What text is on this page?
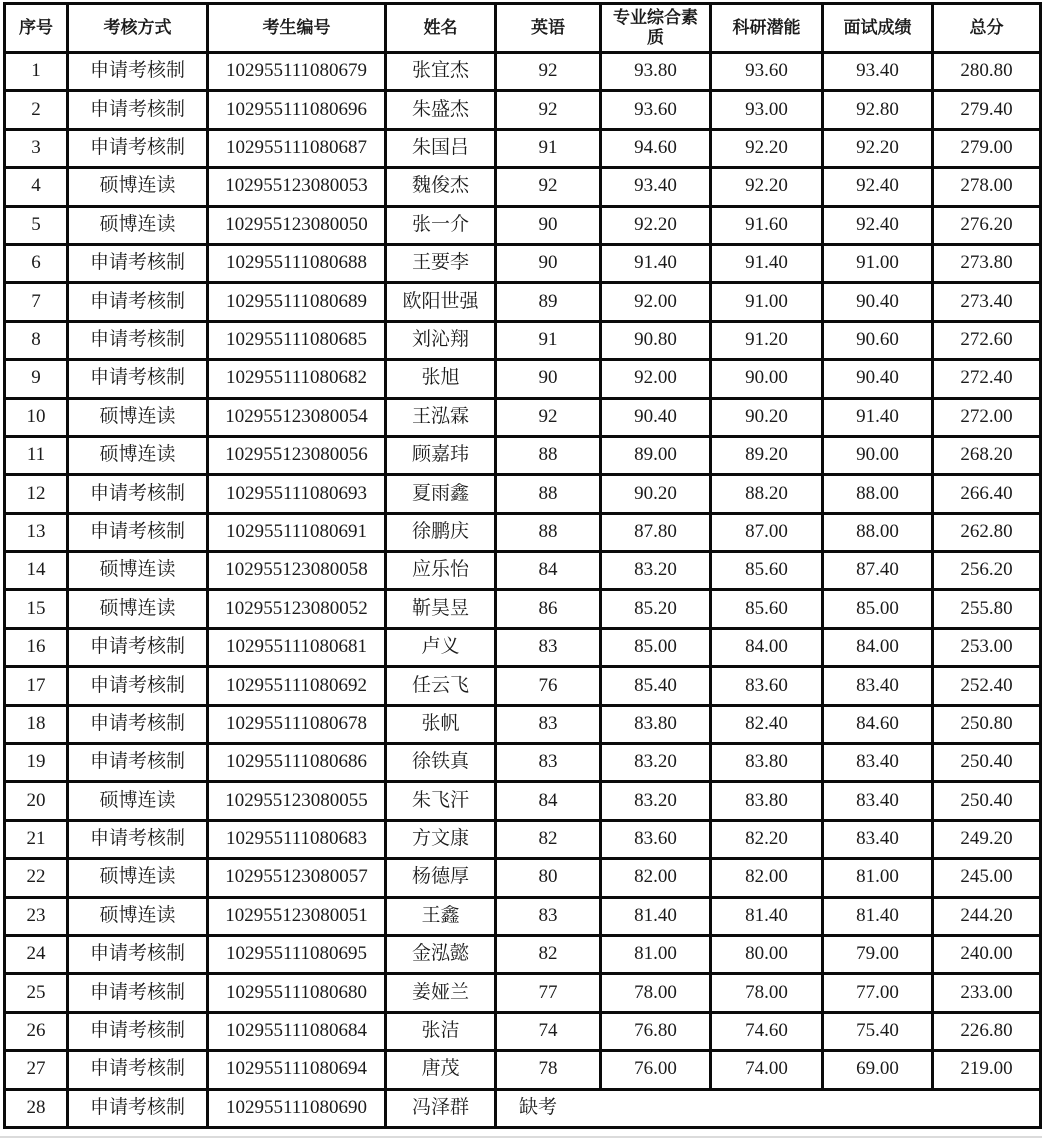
序号	考核方式	考生编号	姓名	英语	专业综合素质	科研潜能	面试成绩	总分
1	申请考核制	102955111080679	张宜杰	92	93.80	93.60	93.40	280.80
2	申请考核制	102955111080696	朱盛杰	92	93.60	93.00	92.80	279.40
3	申请考核制	102955111080687	朱国吕	91	94.60	92.20	92.20	279.00
4	硕博连读	102955123080053	魏俊杰	92	93.40	92.20	92.40	278.00
5	硕博连读	102955123080050	张一介	90	92.20	91.60	92.40	276.20
6	申请考核制	102955111080688	王要李	90	91.40	91.40	91.00	273.80
7	申请考核制	102955111080689	欧阳世强	89	92.00	91.00	90.40	273.40
8	申请考核制	102955111080685	刘沁翔	91	90.80	91.20	90.60	272.60
9	申请考核制	102955111080682	张旭	90	92.00	90.00	90.40	272.40
10	硕博连读	102955123080054	王泓霖	92	90.40	90.20	91.40	272.00
11	硕博连读	102955123080056	顾嘉玮	88	89.00	89.20	90.00	268.20
12	申请考核制	102955111080693	夏雨鑫	88	90.20	88.20	88.00	266.40
13	申请考核制	102955111080691	徐鹏庆	88	87.80	87.00	88.00	262.80
14	硕博连读	102955123080058	应乐怡	84	83.20	85.60	87.40	256.20
15	硕博连读	102955123080052	靳昊昱	86	85.20	85.60	85.00	255.80
16	申请考核制	102955111080681	卢义	83	85.00	84.00	84.00	253.00
17	申请考核制	102955111080692	任云飞	76	85.40	83.60	83.40	252.40
18	申请考核制	102955111080678	张帆	83	83.80	82.40	84.60	250.80
19	申请考核制	102955111080686	徐铁真	83	83.20	83.80	83.40	250.40
20	硕博连读	102955123080055	朱飞汗	84	83.20	83.80	83.40	250.40
21	申请考核制	102955111080683	方文康	82	83.60	82.20	83.40	249.20
22	硕博连读	102955123080057	杨德厚	80	82.00	82.00	81.00	245.00
23	硕博连读	102955123080051	王鑫	83	81.40	81.40	81.40	244.20
24	申请考核制	102955111080695	金泓懿	82	81.00	80.00	79.00	240.00
25	申请考核制	102955111080680	姜娅兰	77	78.00	78.00	77.00	233.00
26	申请考核制	102955111080684	张洁	74	76.80	74.60	75.40	226.80
27	申请考核制	102955111080694	唐茂	78	76.00	74.00	69.00	219.00
28	申请考核制	102955111080690	冯泽群	缺考				
